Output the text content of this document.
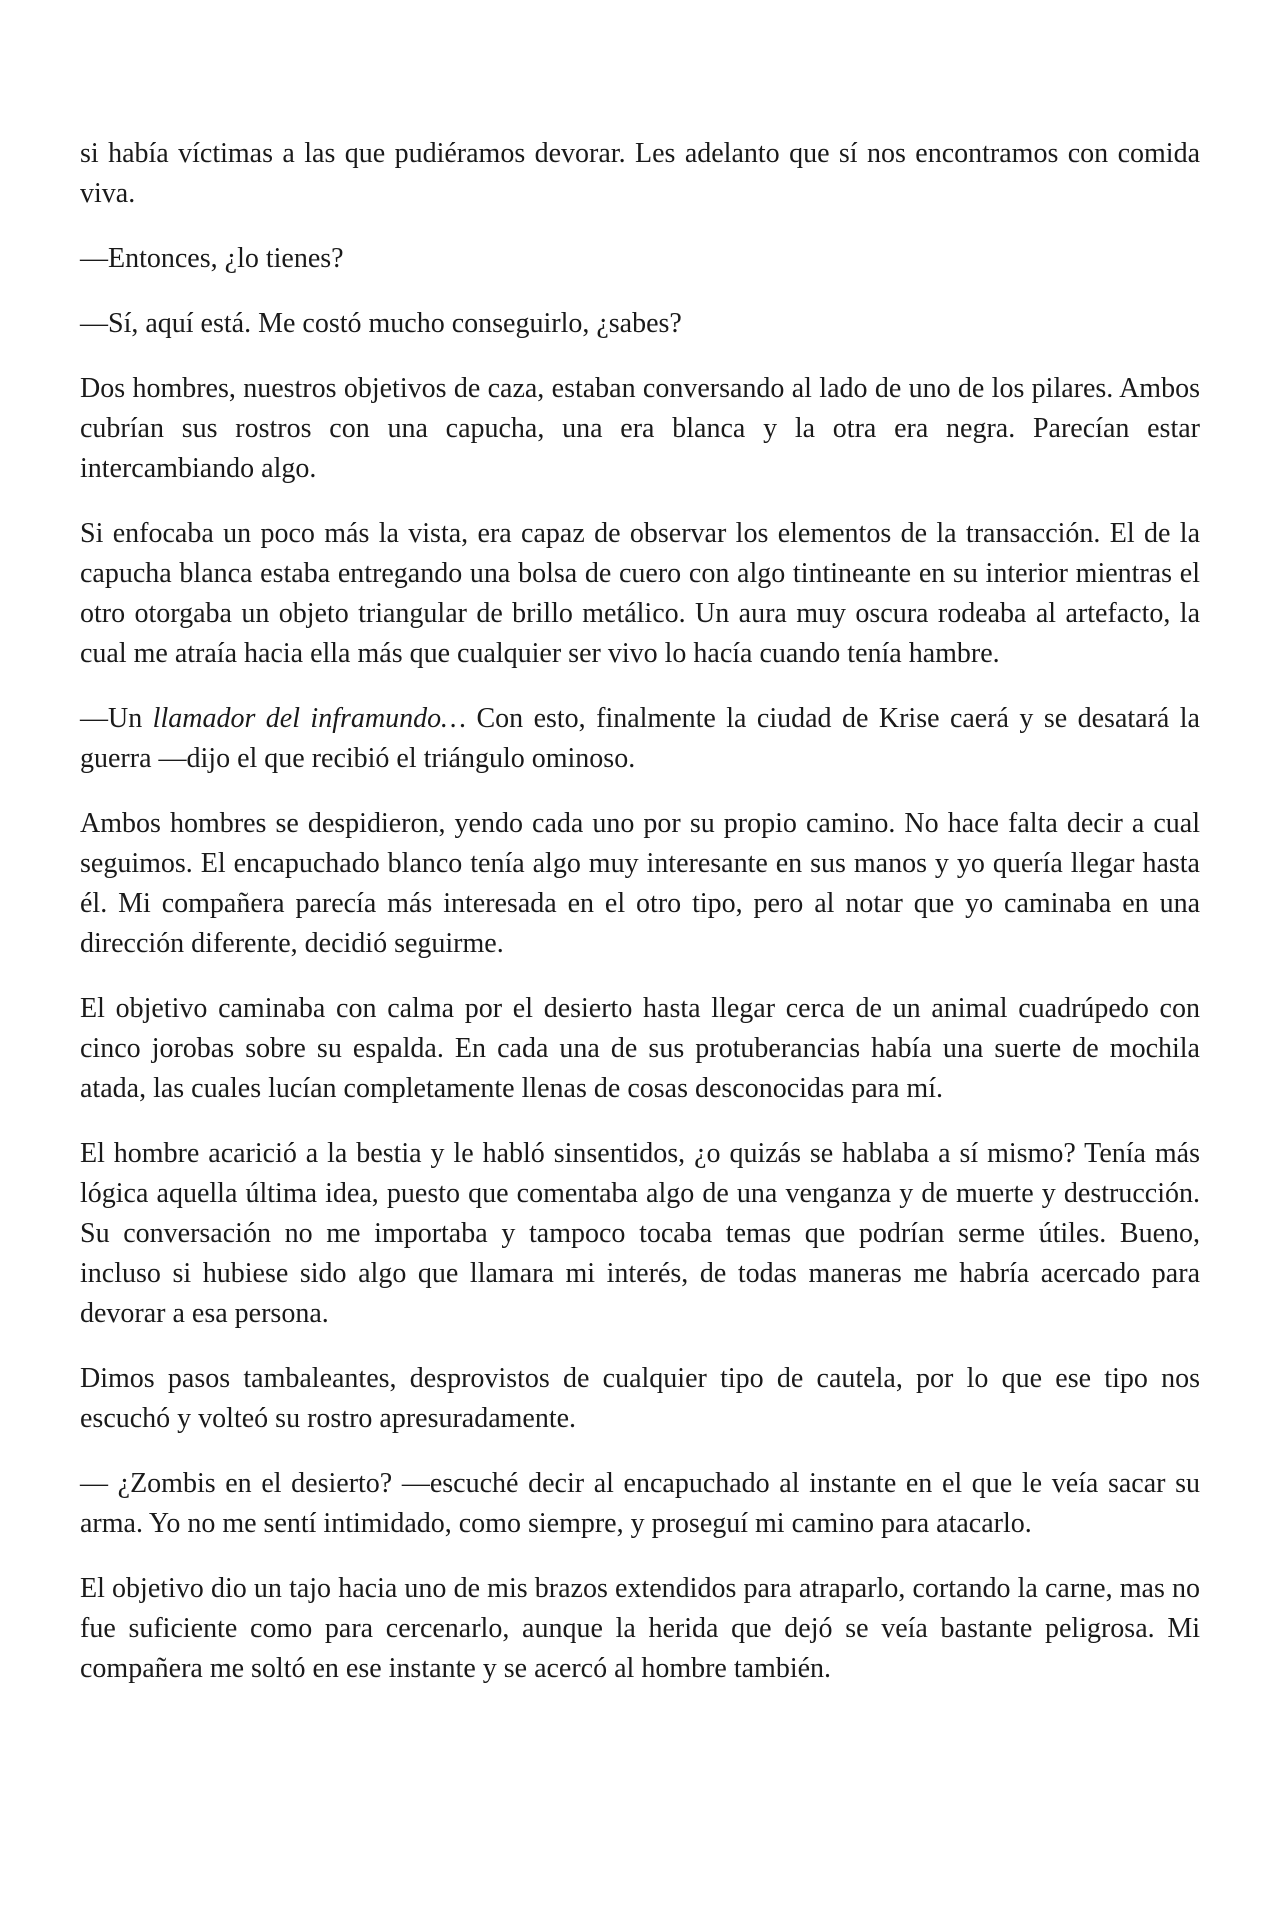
si había víctimas a las que pudiéramos devorar. Les adelanto que sí nos encontramos con comida viva.

—Entonces, ¿lo tienes?

—Sí, aquí está. Me costó mucho conseguirlo, ¿sabes?

Dos hombres, nuestros objetivos de caza, estaban conversando al lado de uno de los pilares. Ambos cubrían sus rostros con una capucha, una era blanca y la otra era negra. Parecían estar intercambiando algo.

Si enfocaba un poco más la vista, era capaz de observar los elementos de la transacción. El de la capucha blanca estaba entregando una bolsa de cuero con algo tintineante en su interior mientras el otro otorgaba un objeto triangular de brillo metálico. Un aura muy oscura rodeaba al artefacto, la cual me atraía hacia ella más que cualquier ser vivo lo hacía cuando tenía hambre.

—Un llamador del inframundo… Con esto, finalmente la ciudad de Krise caerá y se desatará la guerra —dijo el que recibió el triángulo ominoso.

Ambos hombres se despidieron, yendo cada uno por su propio camino. No hace falta decir a cual seguimos. El encapuchado blanco tenía algo muy interesante en sus manos y yo quería llegar hasta él. Mi compañera parecía más interesada en el otro tipo, pero al notar que yo caminaba en una dirección diferente, decidió seguirme.

El objetivo caminaba con calma por el desierto hasta llegar cerca de un animal cuadrúpedo con cinco jorobas sobre su espalda. En cada una de sus protuberancias había una suerte de mochila atada, las cuales lucían completamente llenas de cosas desconocidas para mí.

El hombre acarició a la bestia y le habló sinsentidos, ¿o quizás se hablaba a sí mismo? Tenía más lógica aquella última idea, puesto que comentaba algo de una venganza y de muerte y destrucción. Su conversación no me importaba y tampoco tocaba temas que podrían serme útiles. Bueno, incluso si hubiese sido algo que llamara mi interés, de todas maneras me habría acercado para devorar a esa persona.

Dimos pasos tambaleantes, desprovistos de cualquier tipo de cautela, por lo que ese tipo nos escuchó y volteó su rostro apresuradamente.

— ¿Zombis en el desierto? —escuché decir al encapuchado al instante en el que le veía sacar su arma. Yo no me sentí intimidado, como siempre, y proseguí mi camino para atacarlo.

El objetivo dio un tajo hacia uno de mis brazos extendidos para atraparlo, cortando la carne, mas no fue suficiente como para cercenarlo, aunque la herida que dejó se veía bastante peligrosa. Mi compañera me soltó en ese instante y se acercó al hombre también.
